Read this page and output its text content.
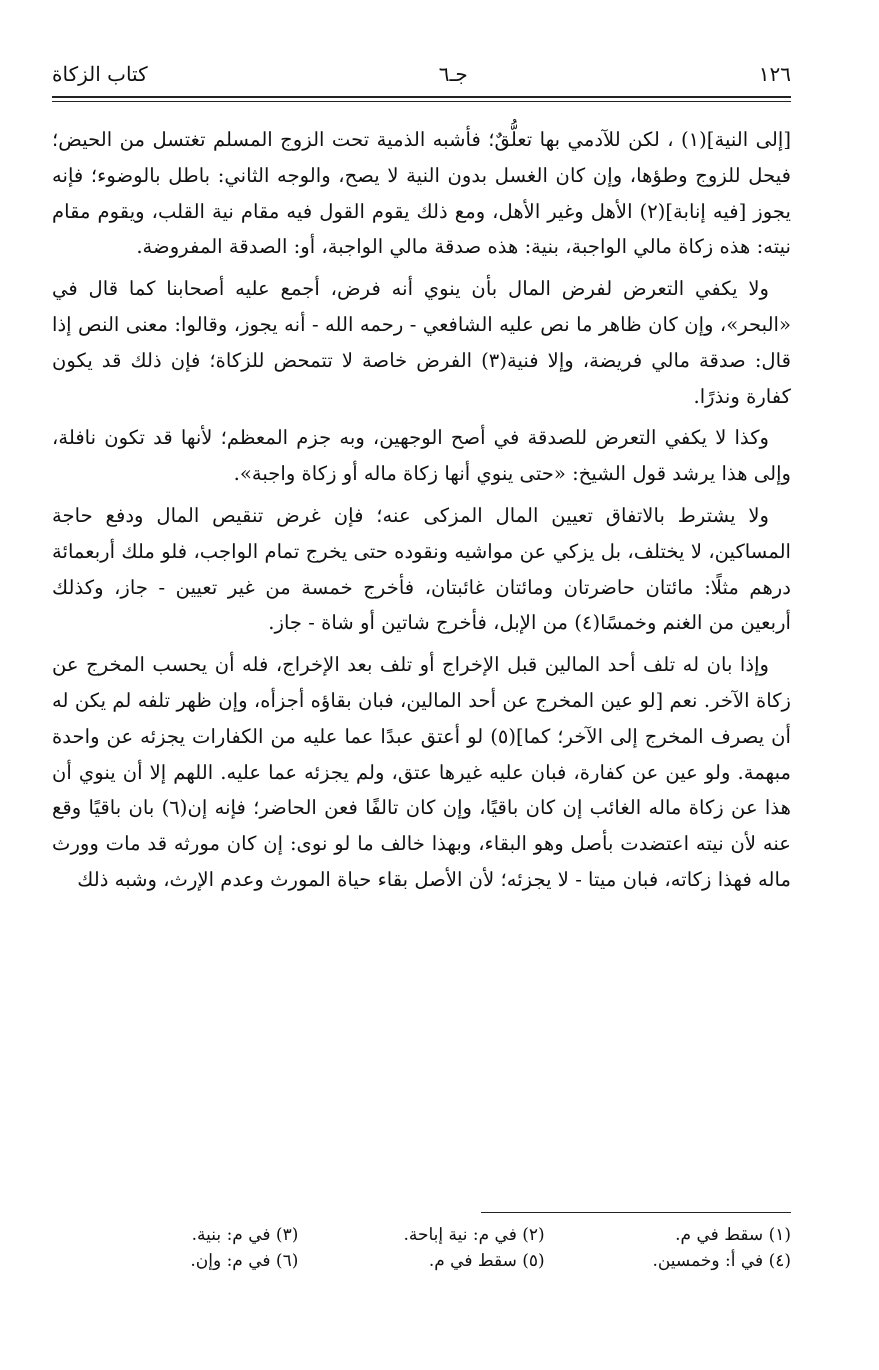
كتاب الزكاة	جـ٦	١٢٦

[إلى النية](١) ، لكن للآدمي بها تعلُّقٌ؛ فأشبه الذمية تحت الزوج المسلم تغتسل من الحيض؛ فيحل للزوج وطؤها، وإن كان الغسل بدون النية لا يصح، والوجه الثاني: باطل بالوضوء؛ فإنه يجوز [فيه إنابة](٢) الأهل وغير الأهل، ومع ذلك يقوم القول فيه مقام نية القلب، ويقوم مقام نيته: هذه زكاة مالي الواجبة، بنية: هذه صدقة مالي الواجبة، أو: الصدقة المفروضة.

ولا يكفي التعرض لفرض المال بأن ينوي أنه فرض، أجمع عليه أصحابنا كما قال في «البحر»، وإن كان ظاهر ما نص عليه الشافعي - رحمه الله - أنه يجوز، وقالوا: معنى النص إذا قال: صدقة مالي فريضة، وإلا فنية(٣) الفرض خاصة لا تتمحض للزكاة؛ فإن ذلك قد يكون كفارة ونذرًا.

وكذا لا يكفي التعرض للصدقة في أصح الوجهين، وبه جزم المعظم؛ لأنها قد تكون نافلة، وإلى هذا يرشد قول الشيخ: «حتى ينوي أنها زكاة ماله أو زكاة واجبة».

ولا يشترط بالاتفاق تعيين المال المزكى عنه؛ فإن غرض تنقيص المال ودفع حاجة المساكين، لا يختلف، بل يزكي عن مواشيه ونقوده حتى يخرج تمام الواجب، فلو ملك أربعمائة درهم مثلًا: مائتان حاضرتان ومائتان غائبتان، فأخرج خمسة من غير تعيين - جاز، وكذلك أربعين من الغنم وخمسًا(٤) من الإبل، فأخرج شاتين أو شاة - جاز.

وإذا بان له تلف أحد المالين قبل الإخراج أو تلف بعد الإخراج، فله أن يحسب المخرج عن زكاة الآخر. نعم [لو عين المخرج عن أحد المالين، فبان بقاؤه أجزأه، وإن ظهر تلفه لم يكن له أن يصرف المخرج إلى الآخر؛ كما](٥) لو أعتق عبدًا عما عليه من الكفارات يجزئه عن واحدة مبهمة. ولو عين عن كفارة، فبان عليه غيرها عتق، ولم يجزئه عما عليه. اللهم إلا أن ينوي أن هذا عن زكاة ماله الغائب إن كان باقيًا، وإن كان تالفًا فعن الحاضر؛ فإنه إن(٦) بان باقيًا وقع عنه لأن نيته اعتضدت بأصل وهو البقاء، وبهذا خالف ما لو نوى: إن كان مورثه قد مات وورث ماله فهذا زكاته، فبان ميتا - لا يجزئه؛ لأن الأصل بقاء حياة المورث وعدم الإرث، وشبه ذلك

(١) سقط في م.
(٢) في م: نية إباحة.
(٣) في م: بنية.
(٤) في أ: وخمسين.
(٥) سقط في م.
(٦) في م: وإن.
